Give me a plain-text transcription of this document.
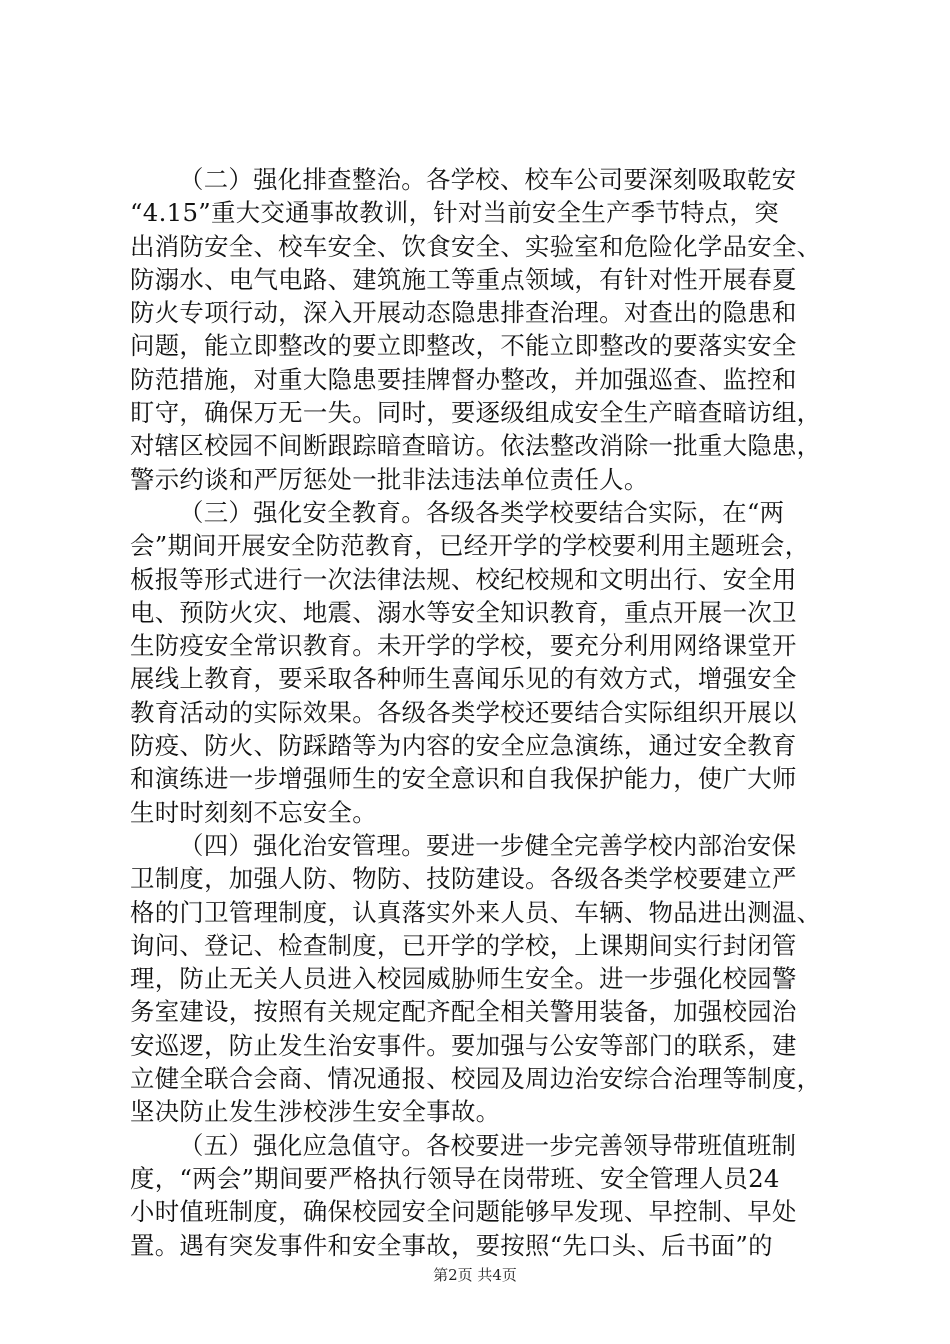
（二）强化排查整治。各学校、校车公司要深刻吸取乾安
“4.15”重大交通事故教训，针对当前安全生产季节特点，突
出消防安全、校车安全、饮食安全、实验室和危险化学品安全、
防溺水、电气电路、建筑施工等重点领域，有针对性开展春夏
防火专项行动，深入开展动态隐患排查治理。对查出的隐患和
问题，能立即整改的要立即整改，不能立即整改的要落实安全
防范措施，对重大隐患要挂牌督办整改，并加强巡查、监控和
盯守，确保万无一失。同时，要逐级组成安全生产暗查暗访组，
对辖区校园不间断跟踪暗查暗访。依法整改消除一批重大隐患，
警示约谈和严厉惩处一批非法违法单位责任人。
（三）强化安全教育。各级各类学校要结合实际，在“两
会”期间开展安全防范教育，已经开学的学校要利用主题班会，
板报等形式进行一次法律法规、校纪校规和文明出行、安全用
电、预防火灾、地震、溺水等安全知识教育，重点开展一次卫
生防疫安全常识教育。未开学的学校，要充分利用网络课堂开
展线上教育，要采取各种师生喜闻乐见的有效方式，增强安全
教育活动的实际效果。各级各类学校还要结合实际组织开展以
防疫、防火、防踩踏等为内容的安全应急演练，通过安全教育
和演练进一步增强师生的安全意识和自我保护能力，使广大师
生时时刻刻不忘安全。
（四）强化治安管理。要进一步健全完善学校内部治安保
卫制度，加强人防、物防、技防建设。各级各类学校要建立严
格的门卫管理制度，认真落实外来人员、车辆、物品进出测温、
询问、登记、检查制度，已开学的学校，上课期间实行封闭管
理，防止无关人员进入校园威胁师生安全。进一步强化校园警
务室建设，按照有关规定配齐配全相关警用装备，加强校园治
安巡逻，防止发生治安事件。要加强与公安等部门的联系，建
立健全联合会商、情况通报、校园及周边治安综合治理等制度，
坚决防止发生涉校涉生安全事故。
（五）强化应急值守。各校要进一步完善领导带班值班制
度，“两会”期间要严格执行领导在岗带班、安全管理人员24
小时值班制度，确保校园安全问题能够早发现、早控制、早处
置。遇有突发事件和安全事故，要按照“先口头、后书面”的
第2页 共4页
